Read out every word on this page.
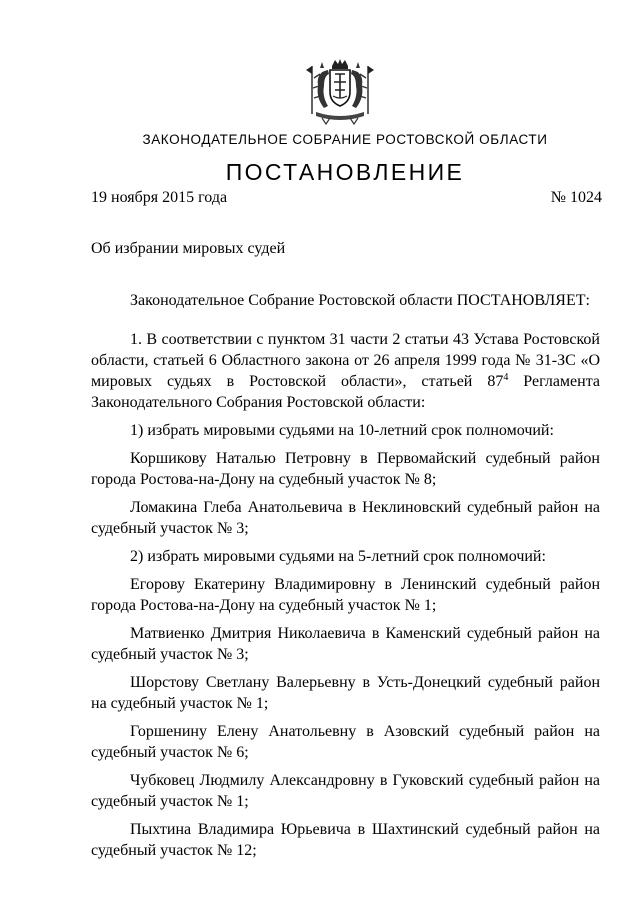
ЗАКОНОДАТЕЛЬНОЕ СОБРАНИЕ РОСТОВСКОЙ ОБЛАСТИ
ПОСТАНОВЛЕНИЕ
19 ноября 2015 года	№ 1024
Об избрании мировых судей

Законодательное Собрание Ростовской области ПОСТАНОВЛЯЕТ:

1. В соответствии с пунктом 31 части 2 статьи 43 Устава Ростовской области, статьей 6 Областного закона от 26 апреля 1999 года № 31-ЗС «О мировых судьях в Ростовской области», статьей $87^4$ Регламента Законодательного Собрания Ростовской области:

1) избрать мировыми судьями на 10-летний срок полномочий:

Коршикову Наталью Петровну в Первомайский судебный район города Ростова-на-Дону на судебный участок № 8;

Ломакина Глеба Анатольевича в Неклиновский судебный район на судебный участок № 3;

2) избрать мировыми судьями на 5-летний срок полномочий:

Егорову Екатерину Владимировну в Ленинский судебный район города Ростова-на-Дону на судебный участок № 1;

Матвиенко Дмитрия Николаевича в Каменский судебный район на судебный участок № 3;

Шорстову Светлану Валерьевну в Усть-Донецкий судебный район на судебный участок № 1;

Горшенину Елену Анатольевну в Азовский судебный район на судебный участок № 6;

Чубковец Людмилу Александровну в Гуковский судебный район на судебный участок № 1;

Пыхтина Владимира Юрьевича в Шахтинский судебный район на судебный участок № 12;
